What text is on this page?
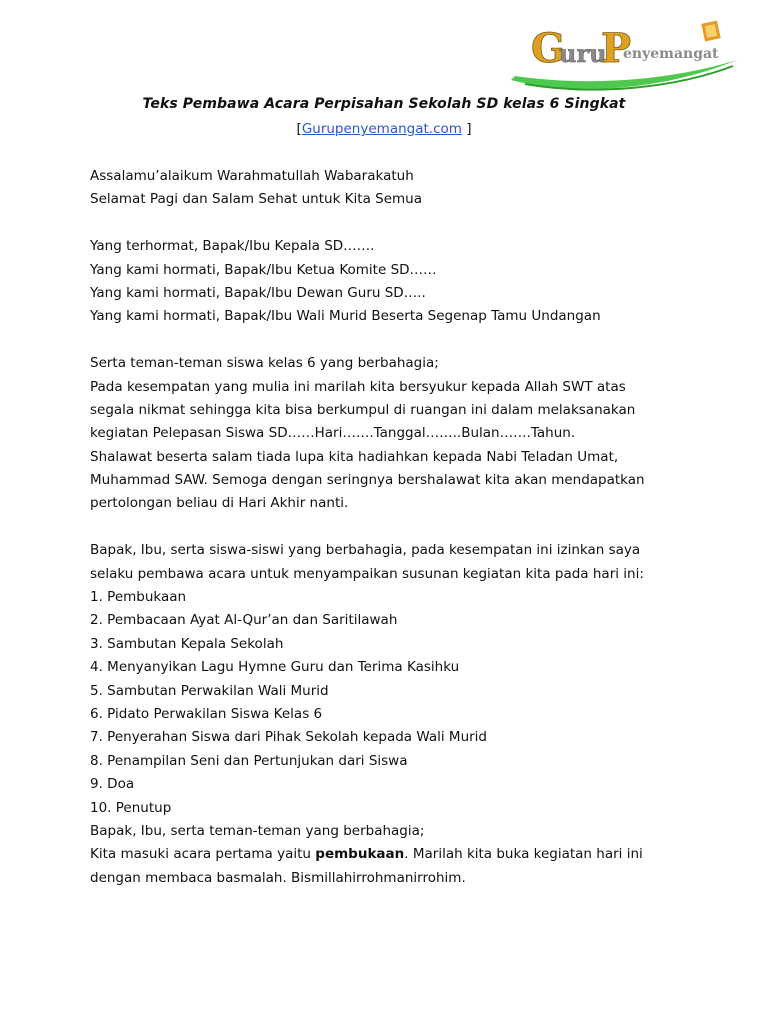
G
uru
P
enyemangat
Teks Pembawa Acara Perpisahan Sekolah SD kelas 6 Singkat
[Gurupenyemangat.com ]
Assalamu’alaikum Warahmatullah Wabarakatuh
Selamat Pagi dan Salam Sehat untuk Kita Semua
Yang terhormat, Bapak/Ibu Kepala SD…….
Yang kami hormati, Bapak/Ibu Ketua Komite SD……
Yang kami hormati, Bapak/Ibu Dewan Guru SD…..
Yang kami hormati, Bapak/Ibu Wali Murid Beserta Segenap Tamu Undangan
Serta teman-teman siswa kelas 6 yang berbahagia;
Pada kesempatan yang mulia ini marilah kita bersyukur kepada Allah SWT atas
segala nikmat sehingga kita bisa berkumpul di ruangan ini dalam melaksanakan
kegiatan Pelepasan Siswa SD……Hari…….Tanggal……..Bulan…….Tahun.
Shalawat beserta salam tiada lupa kita hadiahkan kepada Nabi Teladan Umat,
Muhammad SAW. Semoga dengan seringnya bershalawat kita akan mendapatkan
pertolongan beliau di Hari Akhir nanti.
Bapak, Ibu, serta siswa-siswi yang berbahagia, pada kesempatan ini izinkan saya
selaku pembawa acara untuk menyampaikan susunan kegiatan kita pada hari ini:
1. Pembukaan
2. Pembacaan Ayat Al-Qur’an dan Saritilawah
3. Sambutan Kepala Sekolah
4. Menyanyikan Lagu Hymne Guru dan Terima Kasihku
5. Sambutan Perwakilan Wali Murid
6. Pidato Perwakilan Siswa Kelas 6
7. Penyerahan Siswa dari Pihak Sekolah kepada Wali Murid
8. Penampilan Seni dan Pertunjukan dari Siswa
9. Doa
10. Penutup
Bapak, Ibu, serta teman-teman yang berbahagia;
Kita masuki acara pertama yaitu pembukaan. Marilah kita buka kegiatan hari ini
dengan membaca basmalah. Bismillahirrohmanirrohim.
